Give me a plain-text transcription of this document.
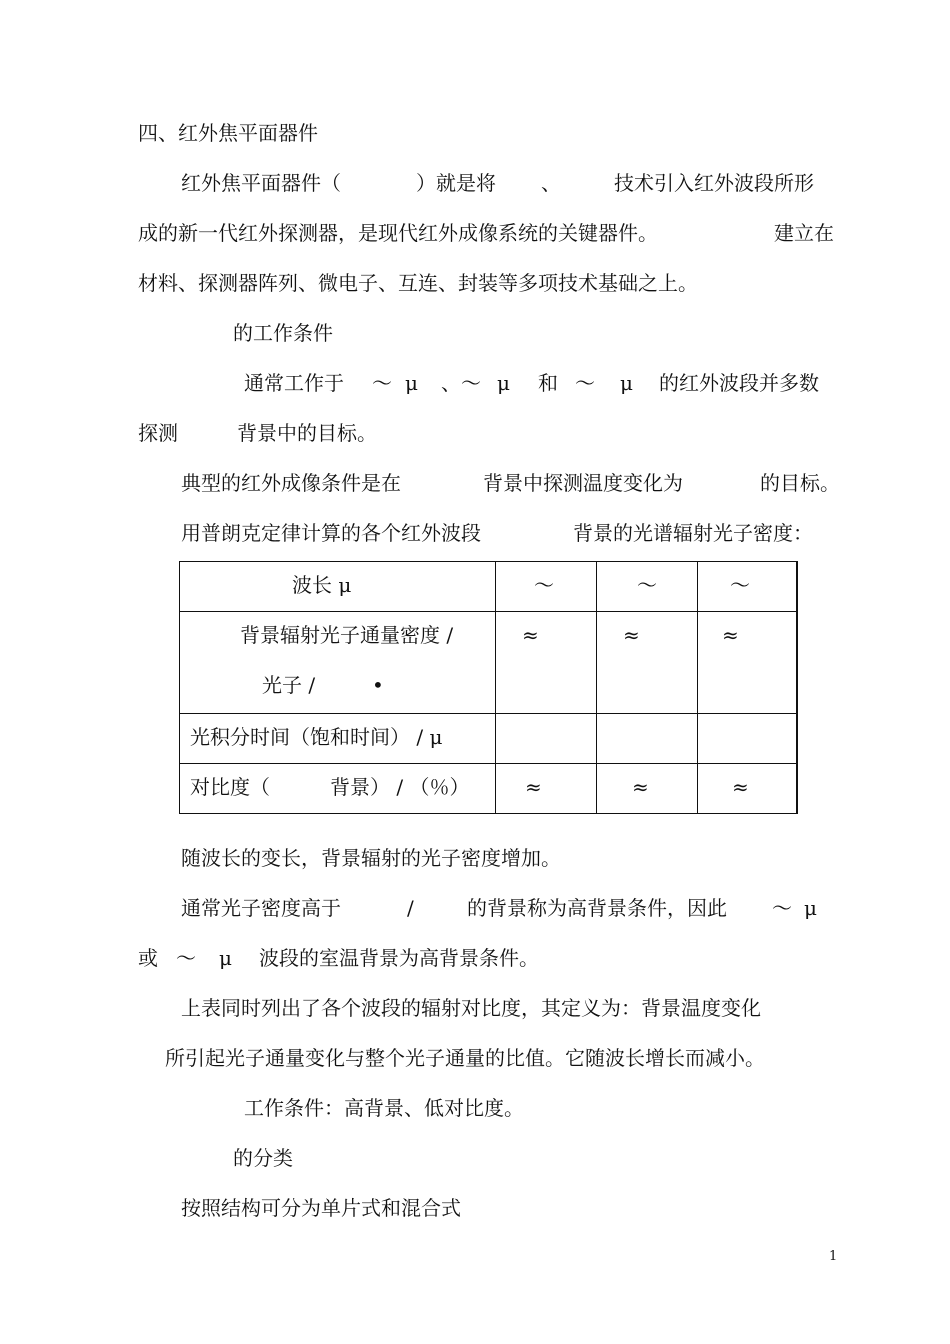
四、红外焦平面器件
红外焦平面器件（	）就是将 、	技术引入红外波段所形
成的新一代红外探测器，是现代红外成像系统的关键器件。	建立在
材料、探测器阵列、微电子、互连、封装等多项技术基础之上。
的工作条件
通常工作于 ～ μ 、～ μ 和 ～ μ 的红外波段并多数
探测	背景中的目标。
典型的红外成像条件是在	背景中探测温度变化为	的目标。
用普朗克定律计算的各个红外波段	背景的光谱辐射光子密度：
波长 μ	～	～	～

背景辐射光子通量密度 /
光子 / •	≈	≈	≈

光积分时间（饱和时间） / μ			

对比度（ 背景） / （％）	≈	≈	≈
随波长的变长，背景辐射的光子密度增加。
通常光子密度高于	/	的背景称为高背景条件，因此 ～ μ
或 ～ μ 波段的室温背景为高背景条件。
上表同时列出了各个波段的辐射对比度，其定义为：背景温度变化
所引起光子通量变化与整个光子通量的比值。它随波长增长而减小。
工作条件：高背景、低对比度。
的分类
按照结构可分为单片式和混合式
1
